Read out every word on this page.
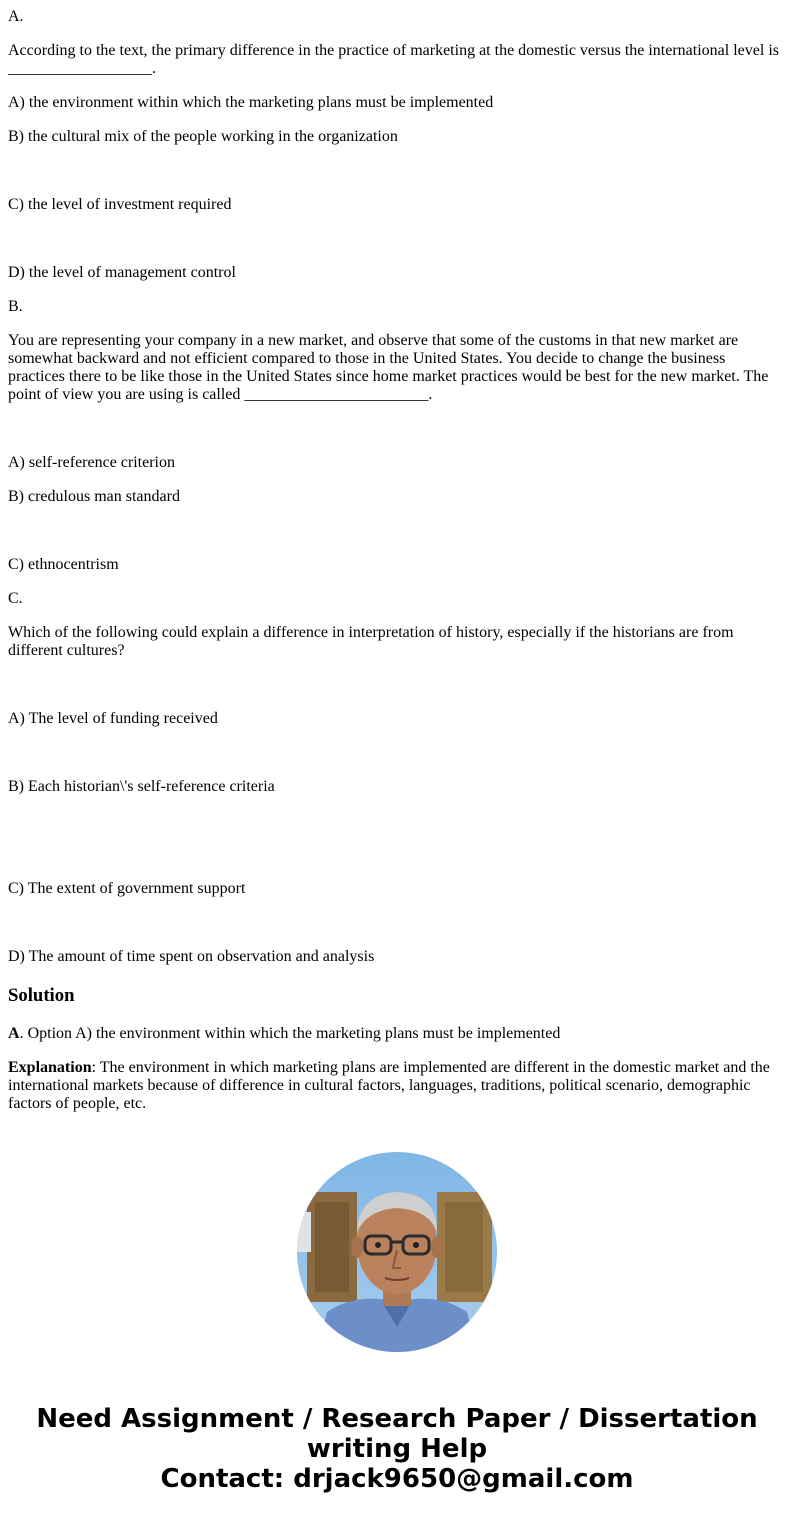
A.

According to the text, the primary difference in the practice of marketing at the domestic versus the international level is __________________.

A) the environment within which the marketing plans must be implemented

B) the cultural mix of the people working in the organization

C) the level of investment required

D) the level of management control

B.

You are representing your company in a new market, and observe that some of the customs in that new market are somewhat backward and not efficient compared to those in the United States. You decide to change the business practices there to be like those in the United States since home market practices would be best for the new market. The point of view you are using is called _______________________.

A) self-reference criterion

B) credulous man standard

C) ethnocentrism

C.

Which of the following could explain a difference in interpretation of history, especially if the historians are from different cultures?

A) The level of funding received

B) Each historian\'s self-reference criteria

C) The extent of government support

D) The amount of time spent on observation and analysis

Solution

A. Option A) the environment within which the marketing plans must be implemented

Explanation: The environment in which marketing plans are implemented are different in the domestic market and the international markets because of difference in cultural factors, languages, traditions, political scenario, demographic factors of people, etc.

Need Assignment / Research Paper / Dissertation
writing Help
Contact: drjack9650@gmail.com
